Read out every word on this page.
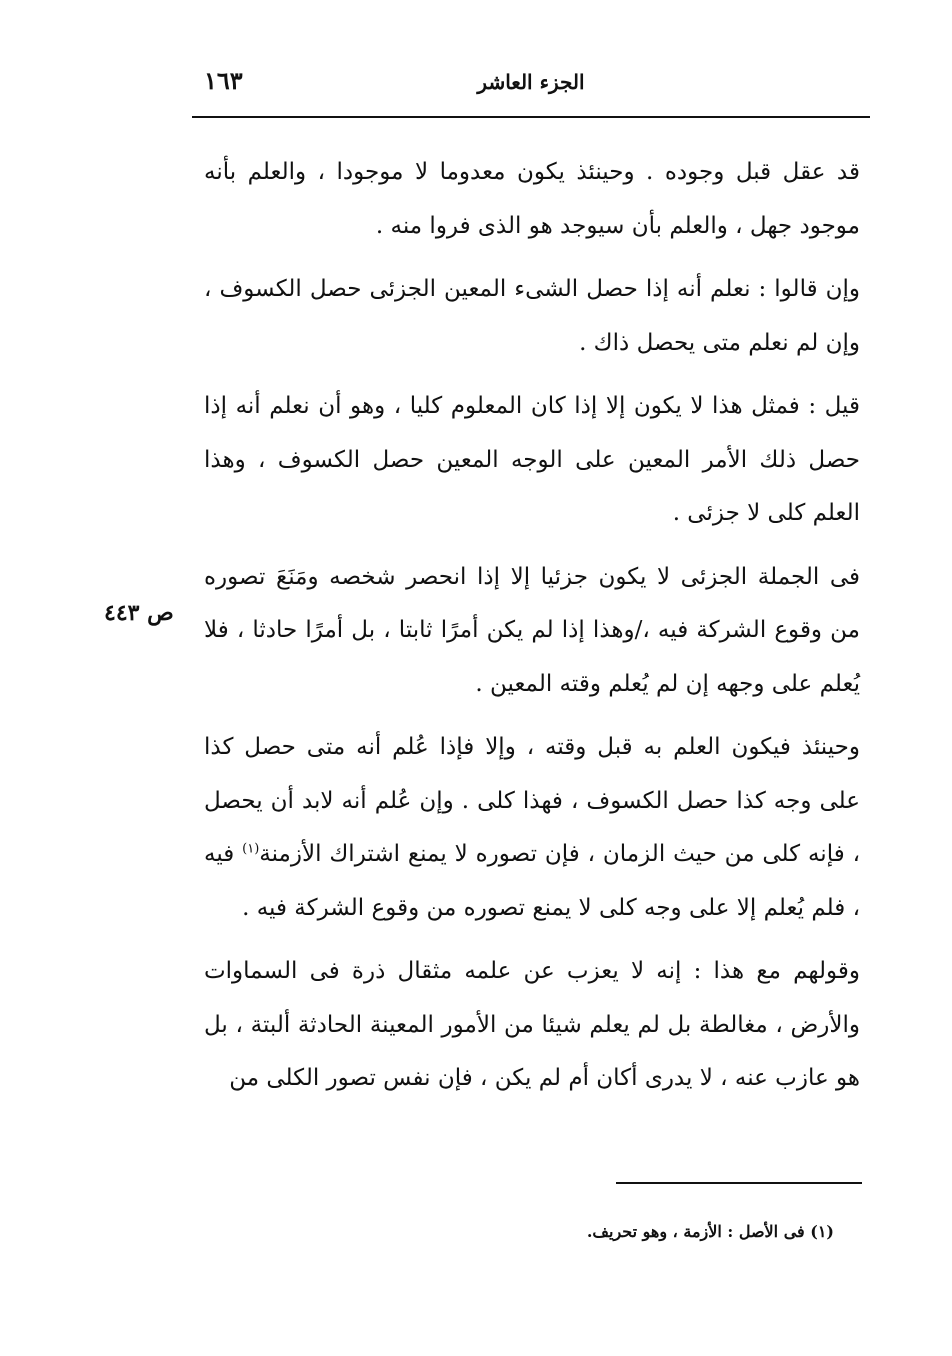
الجزء العاشر
١٦٣

قد عقل قبل وجوده . وحينئذ يكون معدوما لا موجودا ، والعلم بأنه موجود جهل ، والعلم بأن سيوجد هو الذى فروا منه .

وإن قالوا : نعلم أنه إذا حصل الشىء المعين الجزئى حصل الكسوف ، وإن لم نعلم متى يحصل ذاك .

قيل : فمثل هذا لا يكون إلا إذا كان المعلوم كليا ، وهو أن نعلم أنه إذا حصل ذلك الأمر المعين على الوجه المعين حصل الكسوف ، وهذا العلم كلى لا جزئى .

فى الجملة الجزئى لا يكون جزئيا إلا إذا انحصر شخصه ومَنَعَ تصوره من وقوع الشركة فيه ،/وهذا إذا لم يكن أمرًا ثابتا ، بل أمرًا حادثا ، فلا يُعلم على وجهه إن لم يُعلم وقته المعين .

وحينئذ فيكون العلم به قبل وقته ، وإلا فإذا عُلم أنه متى حصل كذا على وجه كذا حصل الكسوف ، فهذا كلى . وإن عُلم أنه لابد أن يحصل ، فإنه كلى من حيث الزمان ، فإن تصوره لا يمنع اشتراك الأزمنة$^{(١)}$ فيه ، فلم يُعلم إلا على وجه كلى لا يمنع تصوره من وقوع الشركة فيه .

وقولهم مع هذا : إنه لا يعزب عن علمه مثقال ذرة فى السماوات والأرض ، مغالطة بل لم يعلم شيئا من الأمور المعينة الحادثة ألبتة ، بل هو عازب عنه ، لا يدرى أكان أم لم يكن ، فإن نفس تصور الكلى من

ص ٤٤٣
(١) فى الأصل : الأزمة ، وهو تحريف.
